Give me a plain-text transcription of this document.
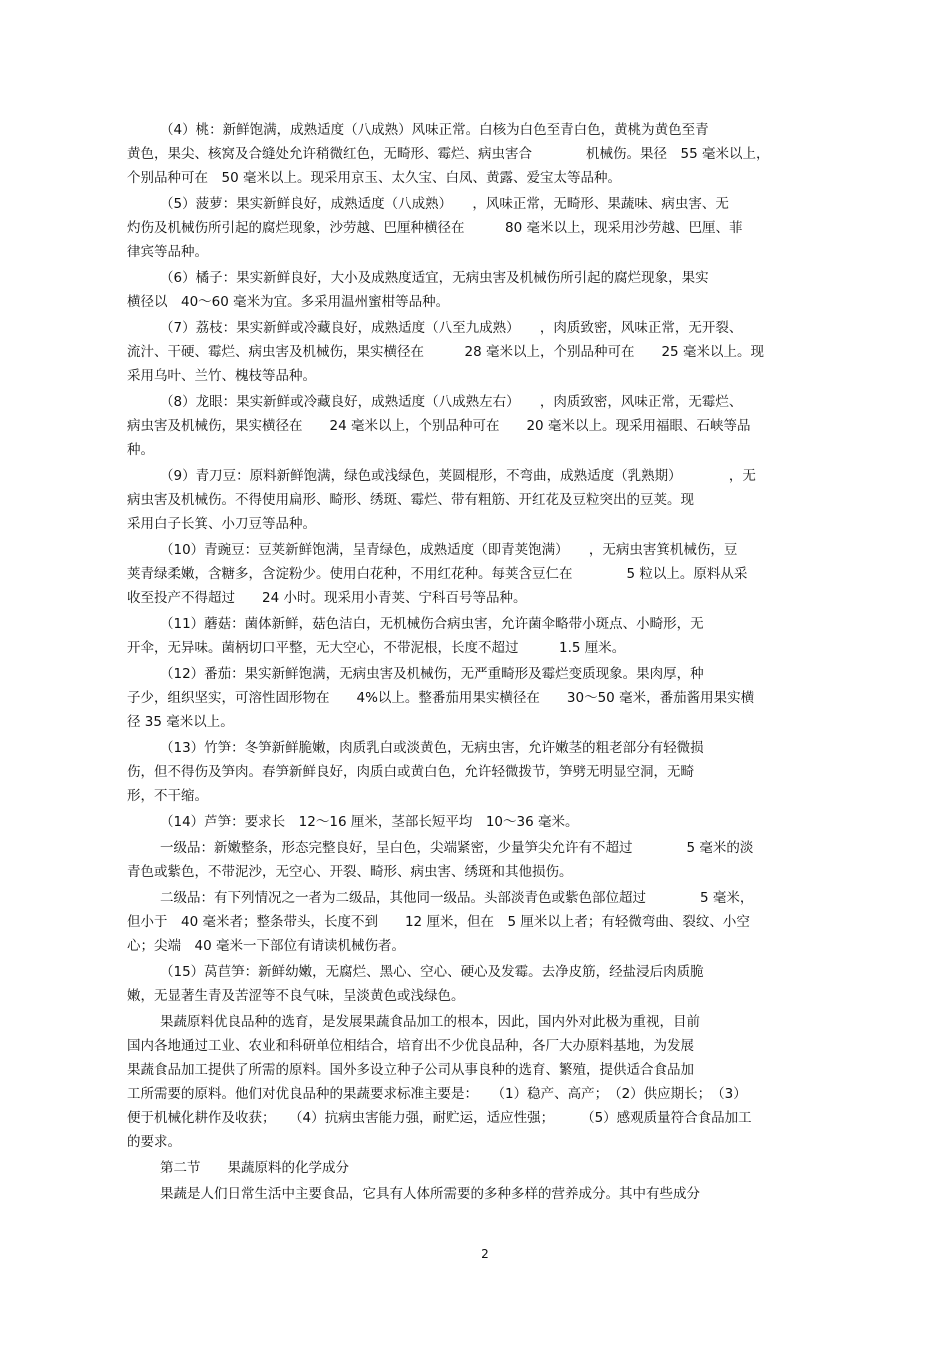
（4）桃：新鲜饱满，成熟适度（八成熟）风味正常。白核为白色至青白色，黄桃为黄色至青
黄色，果尖、核窝及合缝处允许稍微红色，无畸形、霉烂、病虫害合　　　　机械伤。果径　55 毫米以上，
个别品种可在　50 毫米以上。现采用京玉、太久宝、白凤、黄露、爱宝太等品种。
（5）菠萝：果实新鲜良好，成熟适度（八成熟）　　，风味正常，无畸形、果蔬味、病虫害、无
灼伤及机械伤所引起的腐烂现象，沙劳越、巴厘种横径在　　　80 毫米以上，现采用沙劳越、巴厘、菲
律宾等品种。
（6）橘子：果实新鲜良好，大小及成熟度适宜，无病虫害及机械伤所引起的腐烂现象，果实
横径以　40～60 毫米为宜。多采用温州蜜柑等品种。
（7）荔枝：果实新鲜或冷藏良好，成熟适度（八至九成熟）　　，肉质致密，风味正常，无开裂、
流汁、干硬、霉烂、病虫害及机械伤，果实横径在　　　28 毫米以上，个别品种可在　　25 毫米以上。现
采用乌叶、兰竹、槐枝等品种。
（8）龙眼：果实新鲜或冷藏良好，成熟适度（八成熟左右）　　，肉质致密，风味正常，无霉烂、
病虫害及机械伤，果实横径在　　24 毫米以上，个别品种可在　　20 毫米以上。现采用福眼、石峡等品
种。
（9）青刀豆：原料新鲜饱满，绿色或浅绿色，荚圆棍形，不弯曲，成熟适度（乳熟期）　　　　，无
病虫害及机械伤。不得使用扁形、畸形、绣斑、霉烂、带有粗筋、开红花及豆粒突出的豆荚。现
采用白子长箕、小刀豆等品种。
（10）青豌豆：豆荚新鲜饱满，呈青绿色，成熟适度（即青荚饱满）　　，无病虫害箕机械伤，豆
荚青绿柔嫩，含糖多，含淀粉少。使用白花种，不用红花种。每荚含豆仁在　　　　5 粒以上。原料从采
收至投产不得超过　　24 小时。现采用小青荚、宁科百号等品种。
（11）蘑菇：菌体新鲜，菇色洁白，无机械伤合病虫害，允许菌伞略带小斑点、小畸形，无
开伞，无异味。菌柄切口平整，无大空心，不带泥根，长度不超过　　　1.5 厘米。
（12）番茄：果实新鲜饱满，无病虫害及机械伤，无严重畸形及霉烂变质现象。果肉厚，种
子少，组织坚实，可溶性固形物在　　4%以上。整番茄用果实横径在　　30～50 毫米，番茄酱用果实横
径 35 毫米以上。
（13）竹笋：冬笋新鲜脆嫩，肉质乳白或淡黄色，无病虫害，允许嫩茎的粗老部分有轻微损
伤，但不得伤及笋肉。春笋新鲜良好，肉质白或黄白色，允许轻微拨节，笋劈无明显空洞，无畸
形，不干缩。
（14）芦笋：要求长　12～16 厘米，茎部长短平均　10～36 毫米。
一级品：新嫩整条，形态完整良好，呈白色，尖端紧密，少量笋尖允许有不超过　　　　5 毫米的淡
青色或紫色，不带泥沙，无空心、开裂、畸形、病虫害、绣斑和其他损伤。
二级品：有下列情况之一者为二级品，其他同一级品。头部淡青色或紫色部位超过　　　　5 毫米，
但小于　40 毫米者；整条带头，长度不到　　12 厘米，但在　5 厘米以上者；有轻微弯曲、裂纹、小空
心；尖端　40 毫米一下部位有请读机械伤者。
（15）莴苣笋：新鲜幼嫩，无腐烂、黑心、空心、硬心及发霉。去净皮筋，经盐浸后肉质脆
嫩，无显著生青及苦涩等不良气味，呈淡黄色或浅绿色。
果蔬原料优良品种的选育，是发展果蔬食品加工的根本，因此，国内外对此极为重视，目前
国内各地通过工业、农业和科研单位相结合，培育出不少优良品种，各厂大办原料基地，为发展
果蔬食品加工提供了所需的原料。国外多设立种子公司从事良种的选育、繁殖，提供适合食品加
工所需要的原料。他们对优良品种的果蔬要求标准主要是：　　（1）稳产、高产；　（2）供应期长；　（3）
便于机械化耕作及收获；　　（4）抗病虫害能力强，耐贮运，适应性强；　　　（5）感观质量符合食品加工
的要求。
第二节　　果蔬原料的化学成分
果蔬是人们日常生活中主要食品，它具有人体所需要的多种多样的营养成分。其中有些成分
2
